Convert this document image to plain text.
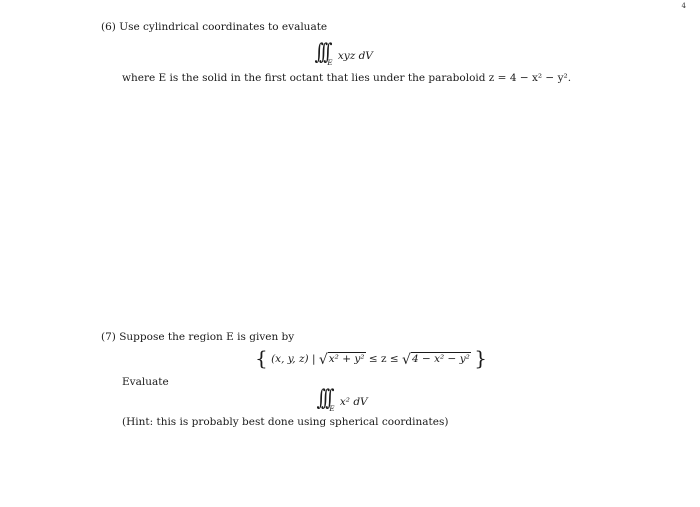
4
(6) Use cylindrical coordinates to evaluate
$\int\int\int_E$ xyz dV
where E is the solid in the first octant that lies under the paraboloid z = 4 − x² − y².
(7) Suppose the region E is given by
{ (x, y, z) | √x² + y² ≤ z ≤ √4 − x² − y² }
Evaluate
$\int\int\int_E$ x² dV
(Hint: this is probably best done using spherical coordinates)
